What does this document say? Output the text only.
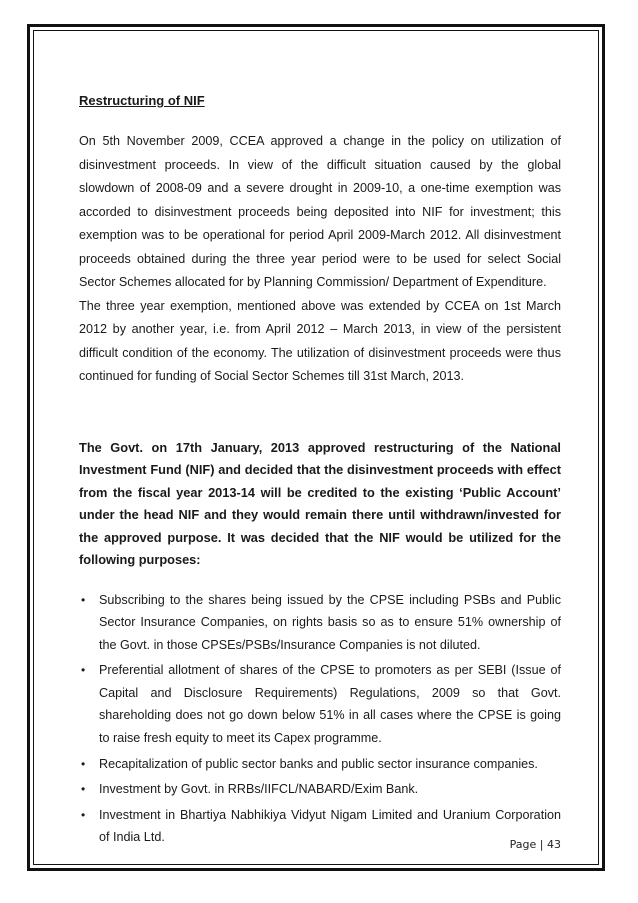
Restructuring of NIF

On 5th November 2009, CCEA approved a change in the policy on utilization of disinvestment proceeds. In view of the difficult situation caused by the global slowdown of 2008-09 and a severe drought in 2009-10, a one-time exemption was accorded to disinvestment proceeds being deposited into NIF for investment; this exemption was to be operational for period April 2009-March 2012. All disinvestment proceeds obtained during the three year period were to be used for select Social Sector Schemes allocated for by Planning Commission/ Department of Expenditure.

The three year exemption, mentioned above was extended by CCEA on 1st March 2012 by another year, i.e. from April 2012 – March 2013, in view of the persistent difficult condition of the economy. The utilization of disinvestment proceeds were thus continued for funding of Social Sector Schemes till 31st March, 2013.

The Govt. on 17th January, 2013 approved restructuring of the National Investment Fund (NIF) and decided that the disinvestment proceeds with effect from the fiscal year 2013-14 will be credited to the existing ‘Public Account’ under the head NIF and they would remain there until withdrawn/invested for the approved purpose. It was decided that the NIF would be utilized for the following purposes:

• Subscribing to the shares being issued by the CPSE including PSBs and Public Sector Insurance Companies, on rights basis so as to ensure 51% ownership of the Govt. in those CPSEs/PSBs/Insurance Companies is not diluted.
• Preferential allotment of shares of the CPSE to promoters as per SEBI (Issue of Capital and Disclosure Requirements) Regulations, 2009 so that Govt. shareholding does not go down below 51% in all cases where the CPSE is going to raise fresh equity to meet its Capex programme.
• Recapitalization of public sector banks and public sector insurance companies.
• Investment by Govt. in RRBs/IIFCL/NABARD/Exim Bank.
• Investment in Bhartiya Nabhikiya Vidyut Nigam Limited and Uranium Corporation of India Ltd.
Page | 43
